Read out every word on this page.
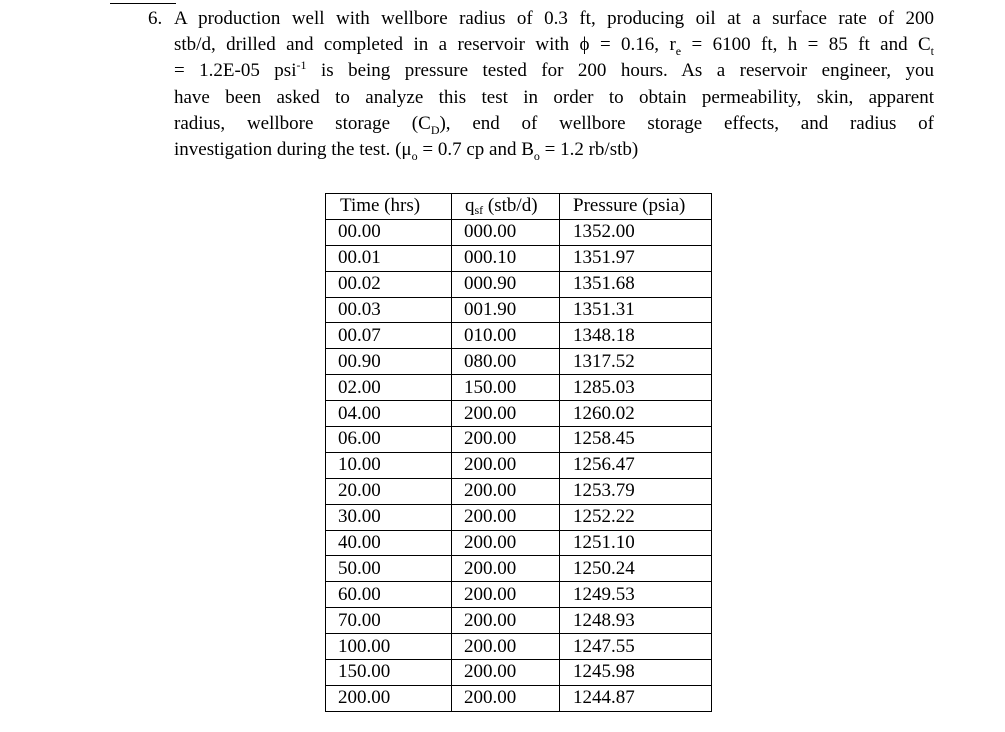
6. A production well with wellbore radius of 0.3 ft, producing oil at a surface rate of 200
stb/d, drilled and completed in a reservoir with ϕ = 0.16, $r_e = 6100$ ft, h = 85 ft and $C_t$
= 1.2E-05 psi$^{-1}$ is being pressure tested for 200 hours. As a reservoir engineer, you
have been asked to analyze this test in order to obtain permeability, skin, apparent
radius, wellbore storage $(C_D)$, end of wellbore storage effects, and radius of
investigation during the test. ($\mu_o = 0.7$ cp and $B_o = 1.2$ rb/stb)
Time (hrs)	qsf (stb/d)	Pressure (psia)
00.00	000.00	1352.00
00.01	000.10	1351.97
00.02	000.90	1351.68
00.03	001.90	1351.31
00.07	010.00	1348.18
00.90	080.00	1317.52
02.00	150.00	1285.03
04.00	200.00	1260.02
06.00	200.00	1258.45
10.00	200.00	1256.47
20.00	200.00	1253.79
30.00	200.00	1252.22
40.00	200.00	1251.10
50.00	200.00	1250.24
60.00	200.00	1249.53
70.00	200.00	1248.93
100.00	200.00	1247.55
150.00	200.00	1245.98
200.00	200.00	1244.87
